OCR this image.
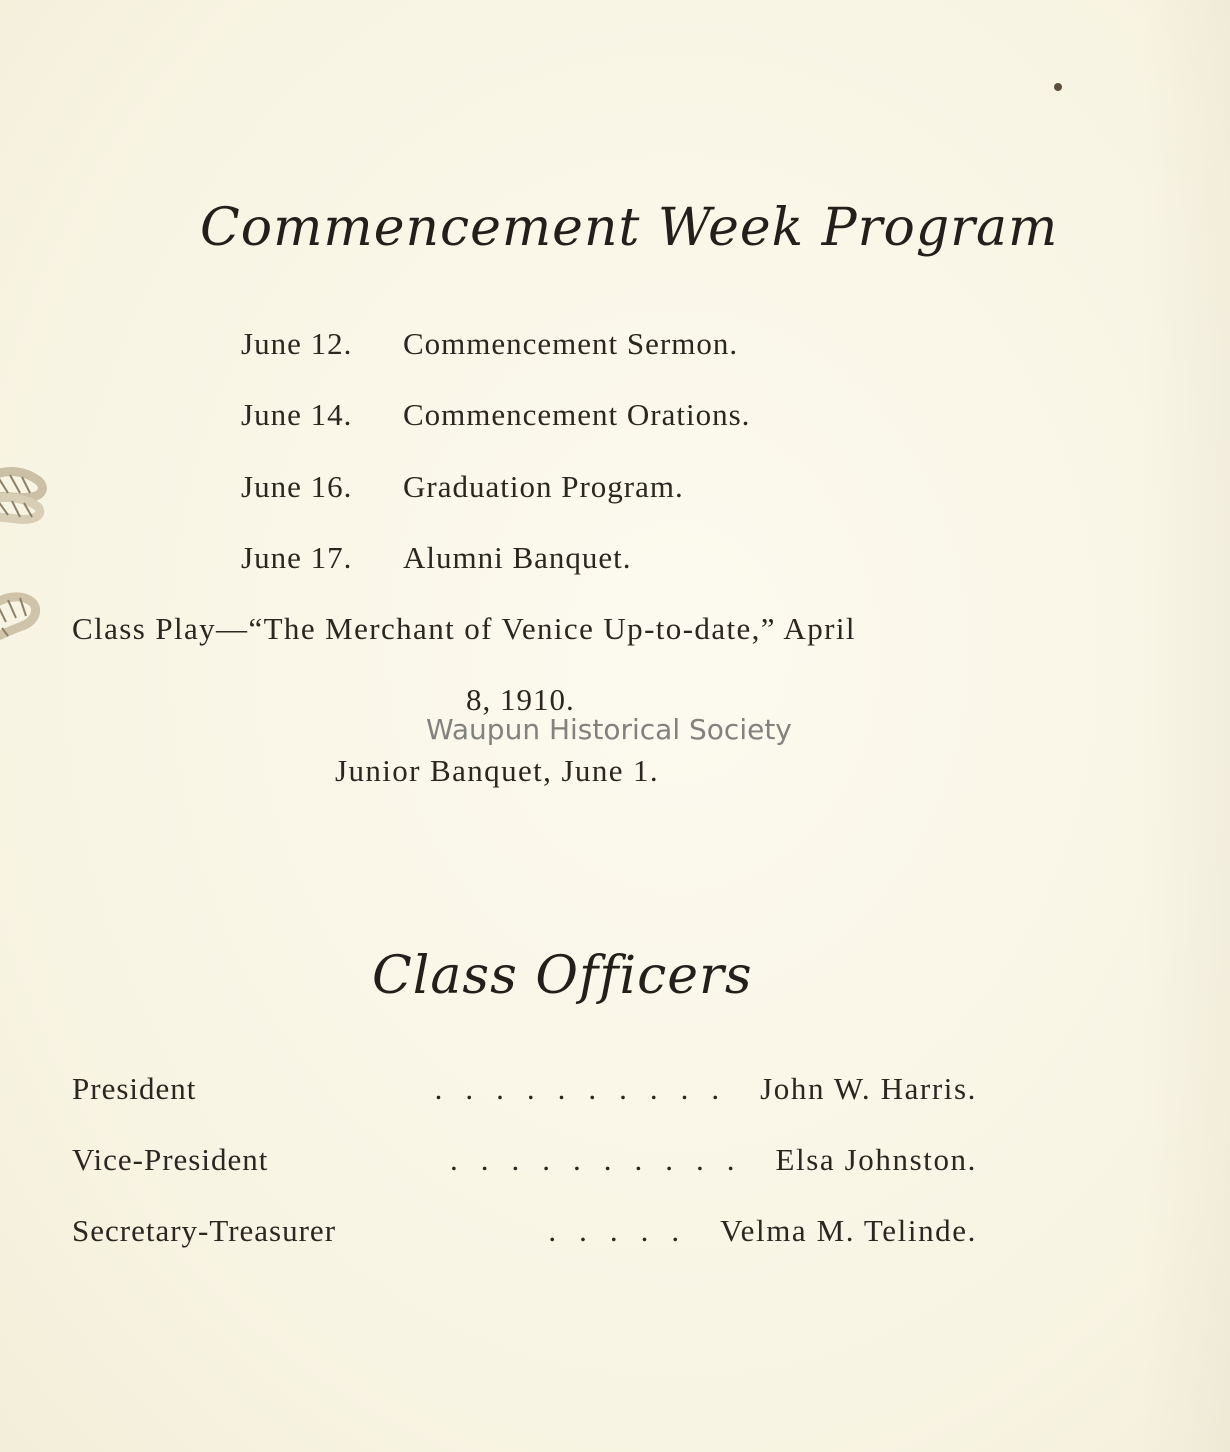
Commencement Week Program
June 12. Commencement Sermon.
June 14. Commencement Orations.
June 16. Graduation Program.
June 17. Alumni Banquet.
Class Play—“The Merchant of Venice Up-to-date,” April
8, 1910.
Waupun Historical Society
Junior Banquet, June 1.
Class Officers
President	.......... John W. Harris.
Vice-President	.......... Elsa Johnston.
Secretary-Treasurer	..... Velma M. Telinde.
